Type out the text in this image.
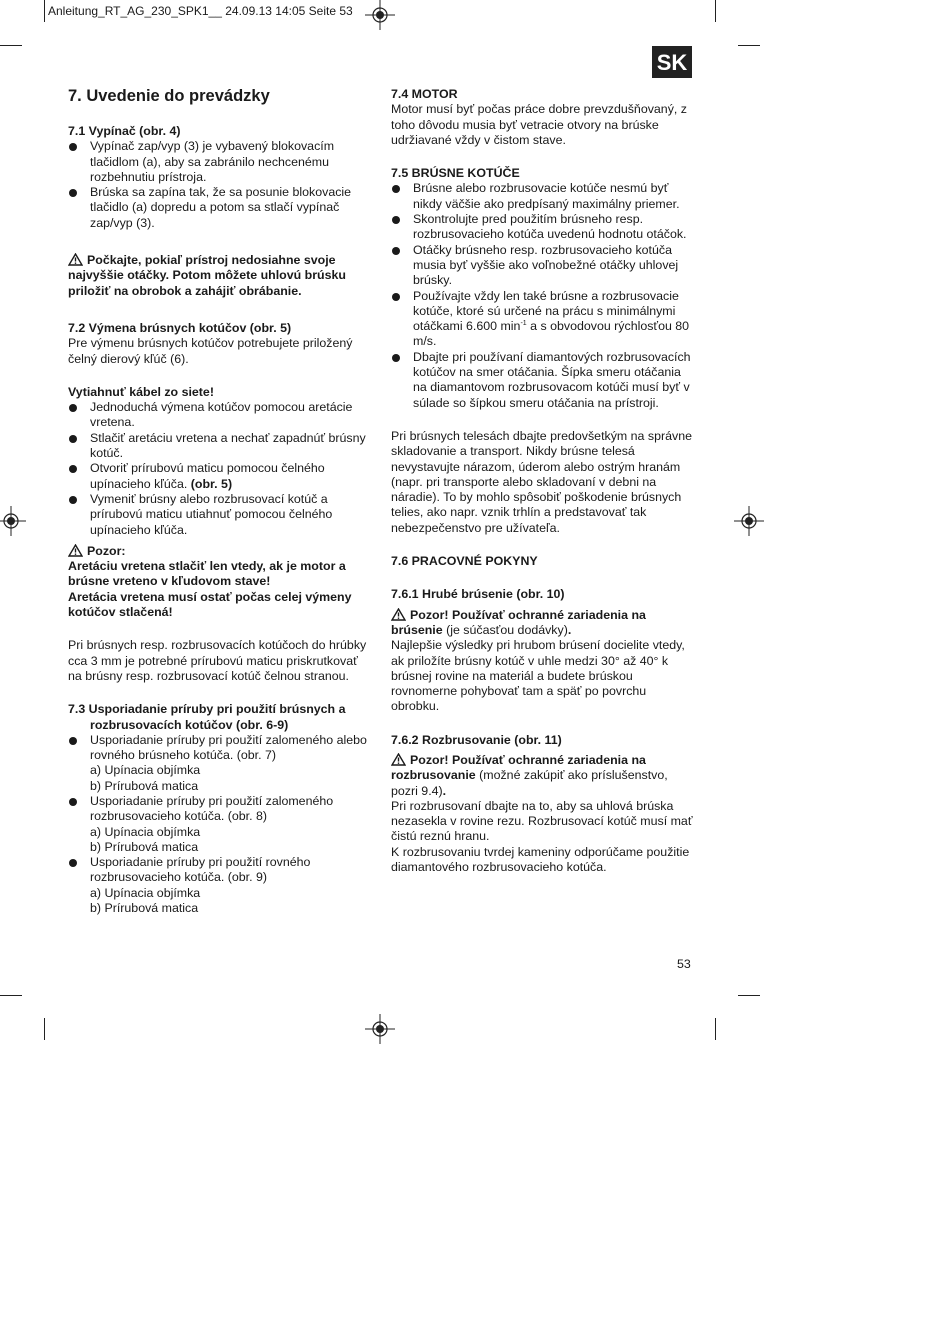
Anleitung_RT_AG_230_SPK1__ 24.09.13 14:05 Seite 53
SK
7. Uvedenie do prevádzky

7.1 Vypínač (obr. 4)

Vypínač zap/vyp (3) je vybavený blokovacím tlačidlom (a), aby sa zabránilo nechcenému rozbehnutiu prístroja.
Brúska sa zapína tak, že sa posunie blokovacie tlačidlo (a) dopredu a potom sa stlačí vypínač zap/vyp (3).

Počkajte, pokiaľ prístroj nedosiahne svoje najvyššie otáčky. Potom môžete uhlovú brúsku priložiť na obrobok a zahájiť obrábanie.

7.2 Výmena brúsnych kotúčov (obr. 5)

Pre výmenu brúsnych kotúčov potrebujete priložený čelný dierový kľúč (6).

Vytiahnuť kábel zo siete!

Jednoduchá výmena kotúčov pomocou aretácie vretena.
Stlačiť aretáciu vretena a nechať zapadnúť brúsny kotúč.
Otvoriť prírubovú maticu pomocou čelného upínacieho kľúča. (obr. 5)
Vymeniť brúsny alebo rozbrusovací kotúč a prírubovú maticu utiahnuť pomocou čelného upínacieho kľúča.

Pozor:

Aretáciu vretena stlačiť len vtedy, ak je motor a brúsne vreteno v kľudovom stave!

Aretácia vretena musí ostať počas celej výmeny kotúčov stlačená!

Pri brúsnych resp. rozbrusovacích kotúčoch do hrúbky cca 3 mm je potrebné prírubovú maticu priskrutkovať na brúsny resp. rozbrusovací kotúč čelnou stranou.

7.3 Usporiadanie príruby pri použití brúsnych a rozbrusovacích kotúčov (obr. 6-9)

Usporiadanie príruby pri použití zalomeného alebo rovného brúsneho kotúča. (obr. 7)
a) Upínacia objímka
b) Prírubová matica
Usporiadanie príruby pri použití zalomeného rozbrusovacieho kotúča. (obr. 8)
a) Upínacia objímka
b) Prírubová matica
Usporiadanie príruby pri použití rovného rozbrusovacieho kotúča. (obr. 9)
a) Upínacia objímka
b) Prírubová matica

7.4 MOTOR

Motor musí byť počas práce dobre prevzdušňovaný, z toho dôvodu musia byť vetracie otvory na brúske udržiavané vždy v čistom stave.

7.5 BRÚSNE KOTÚČE

Brúsne alebo rozbrusovacie kotúče nesmú byť nikdy väčšie ako predpísaný maximálny priemer.
Skontrolujte pred použitím brúsneho resp. rozbrusovacieho kotúča uvedenú hodnotu otáčok.
Otáčky brúsneho resp. rozbrusovacieho kotúča musia byť vyššie ako voľnobežné otáčky uhlovej brúsky.
Používajte vždy len také brúsne a rozbrusovacie kotúče, ktoré sú určené na prácu s minimálnymi otáčkami 6.600 $\min^{-1} a$ s obvodovou rýchlosťou 80 m/s.
Dbajte pri používaní diamantových rozbrusovacích kotúčov na smer otáčania. Šípka smeru otáčania na diamantovom rozbrusovacom kotúči musí byť v súlade so šípkou smeru otáčania na prístroji.

Pri brúsnych telesách dbajte predovšetkým na správne skladovanie a transport. Nikdy brúsne telesá nevystavujte nárazom, úderom alebo ostrým hranám (napr. pri transporte alebo skladovaní v debni na náradie). To by mohlo spôsobiť poškodenie brúsnych telies, ako napr. vznik trhlín a predstavovať tak nebezpečenstvo pre užívateľa.

7.6 PRACOVNÉ POKYNY

7.6.1 Hrubé brúsenie (obr. 10)

Pozor! Používať ochranné zariadenia na brúsenie (je súčasťou dodávky).

Najlepšie výsledky pri hrubom brúsení docielite vtedy, ak priložíte brúsny kotúč v uhle medzi 30° až 40° k brúsnej rovine na materiál a budete brúskou rovnomerne pohybovať tam a späť po povrchu obrobku.

7.6.2 Rozbrusovanie (obr. 11)

Pozor! Používať ochranné zariadenia na rozbrusovanie (možné zakúpiť ako príslušenstvo, pozri 9.4).

Pri rozbrusovaní dbajte na to, aby sa uhlová brúska nezasekla v rovine rezu. Rozbrusovací kotúč musí mať čistú reznú hranu.

K rozbrusovaniu tvrdej kameniny odporúčame použitie diamantového rozbrusovacieho kotúča.

53
